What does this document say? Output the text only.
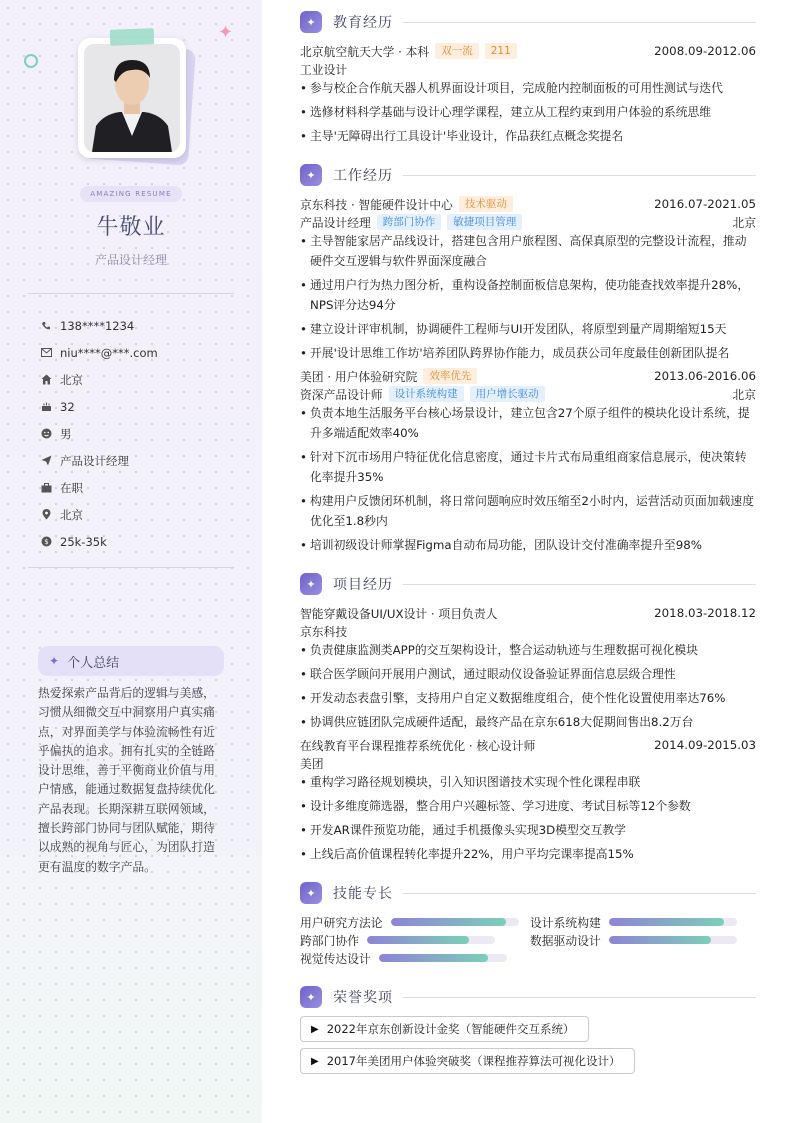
✦
AMAZING RESUME
牛敬业
产品设计经理
138****1234
niu****@***.com
北京
32
男
产品设计经理
在职
北京
$ 25k-35k
✦ 个人总结
热爱探索产品背后的逻辑与美感，习惯从细微交互中洞察用户真实痛点，对界面美学与体验流畅性有近乎偏执的追求。拥有扎实的全链路设计思维，善于平衡商业价值与用户情感，能通过数据复盘持续优化产品表现。长期深耕互联网领域，擅长跨部门协同与团队赋能，期待以成熟的视角与匠心，为团队打造更有温度的数字产品。
✦	教育经历
北京航空航天大学 · 本科	双一流	211	2008.09-2012.06
工业设计
• 参与校企合作航天器人机界面设计项目，完成舱内控制面板的可用性测试与迭代
• 选修材料科学基础与设计心理学课程，建立从工程约束到用户体验的系统思维
• 主导'无障碍出行工具设计'毕业设计，作品获红点概念奖提名
✦	工作经历
京东科技 · 智能硬件设计中心	技术驱动	2016.07-2021.05
产品设计经理	跨部门协作	敏捷项目管理	北京
• 主导智能家居产品线设计，搭建包含用户旅程图、高保真原型的完整设计流程，推动硬件交互逻辑与软件界面深度融合
• 通过用户行为热力图分析，重构设备控制面板信息架构，使功能查找效率提升28%，NPS评分达94分
• 建立设计评审机制，协调硬件工程师与UI开发团队，将原型到量产周期缩短15天
• 开展'设计思维工作坊'培养团队跨界协作能力，成员获公司年度最佳创新团队提名
美团 · 用户体验研究院	效率优先	2013.06-2016.06
资深产品设计师	设计系统构建	用户增长驱动	北京
• 负责本地生活服务平台核心场景设计，建立包含27个原子组件的模块化设计系统，提升多端适配效率40%
• 针对下沉市场用户特征优化信息密度，通过卡片式布局重组商家信息展示，使决策转化率提升35%
• 构建用户反馈闭环机制，将日常问题响应时效压缩至2小时内，运营活动页面加载速度优化至1.8秒内
• 培训初级设计师掌握Figma自动布局功能，团队设计交付准确率提升至98%
✦	项目经历
智能穿戴设备UI/UX设计 · 项目负责人	2018.03-2018.12
京东科技
• 负责健康监测类APP的交互架构设计，整合运动轨迹与生理数据可视化模块
• 联合医学顾问开展用户测试，通过眼动仪设备验证界面信息层级合理性
• 开发动态表盘引擎，支持用户自定义数据维度组合，使个性化设置使用率达76%
• 协调供应链团队完成硬件适配，最终产品在京东618大促期间售出8.2万台
在线教育平台课程推荐系统优化 · 核心设计师	2014.09-2015.03
美团
• 重构学习路径规划模块，引入知识图谱技术实现个性化课程串联
• 设计多维度筛选器，整合用户兴趣标签、学习进度、考试目标等12个参数
• 开发AR课件预览功能，通过手机摄像头实现3D模型交互教学
• 上线后高价值课程转化率提升22%，用户平均完课率提高15%
✦	技能专长
用户研究方法论	设计系统构建
跨部门协作	数据驱动设计
视觉传达设计
✦	荣誉奖项
▶ 2022年京东创新设计金奖（智能硬件交互系统）
▶ 2017年美团用户体验突破奖（课程推荐算法可视化设计）
